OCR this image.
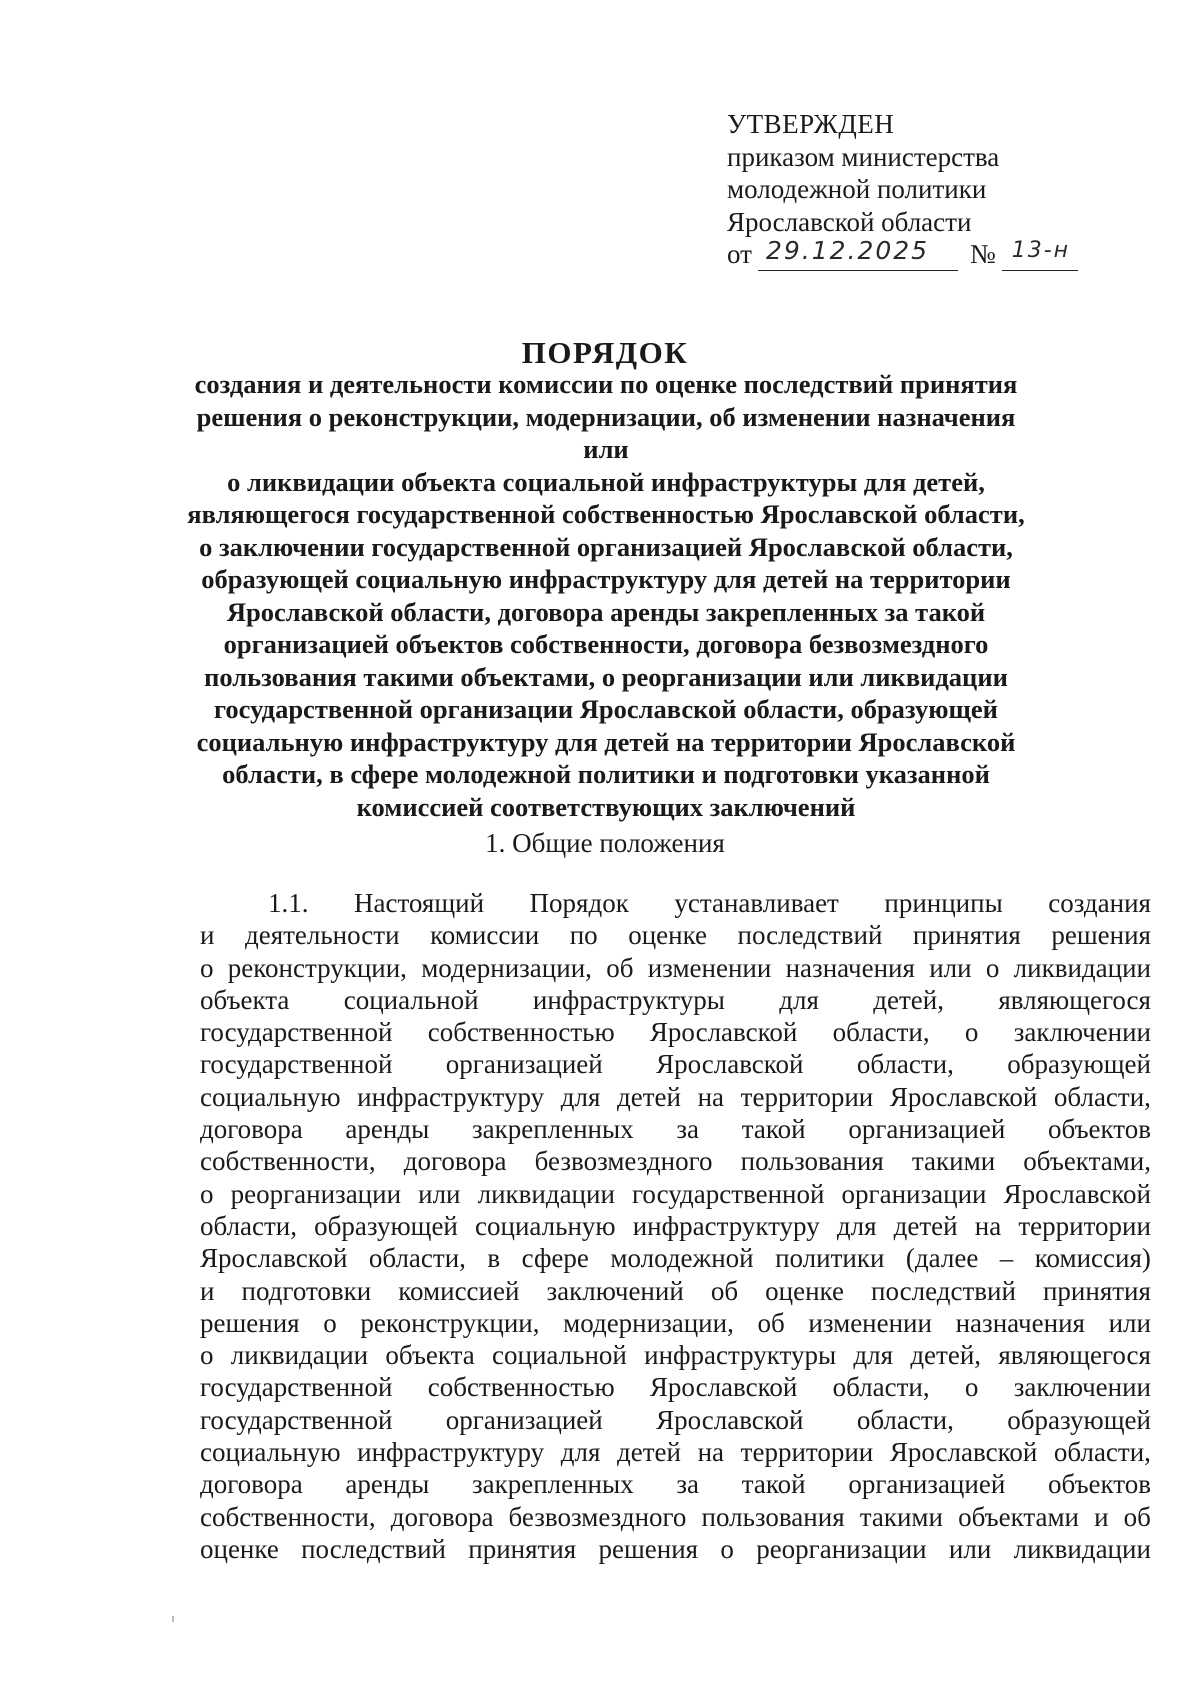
УТВЕРЖДЕН
приказом министерства
молодежной политики
Ярославской области
от 29.12.2025 № 13-н
ПОРЯДОК
создания и деятельности комиссии по оценке последствий принятия
решения о реконструкции, модернизации, об изменении назначения или
о ликвидации объекта социальной инфраструктуры для детей,
являющегося государственной собственностью Ярославской области,
о заключении государственной организацией Ярославской области,
образующей социальную инфраструктуру для детей на территории
Ярославской области, договора аренды закрепленных за такой
организацией объектов собственности, договора безвозмездного
пользования такими объектами, о реорганизации или ликвидации
государственной организации Ярославской области, образующей
социальную инфраструктуру для детей на территории Ярославской
области, в сфере молодежной политики и подготовки указанной
комиссией соответствующих заключений
1. Общие положения
1.1. Настоящий Порядок устанавливает принципы создания
и деятельности комиссии по оценке последствий принятия решения
о реконструкции, модернизации, об изменении назначения или о ликвидации
объекта социальной инфраструктуры для детей, являющегося
государственной собственностью Ярославской области, о заключении
государственной организацией Ярославской области, образующей
социальную инфраструктуру для детей на территории Ярославской области,
договора аренды закрепленных за такой организацией объектов
собственности, договора безвозмездного пользования такими объектами,
о реорганизации или ликвидации государственной организации Ярославской
области, образующей социальную инфраструктуру для детей на территории
Ярославской области, в сфере молодежной политики (далее – комиссия)
и подготовки комиссией заключений об оценке последствий принятия
решения о реконструкции, модернизации, об изменении назначения или
о ликвидации объекта социальной инфраструктуры для детей, являющегося
государственной собственностью Ярославской области, о заключении
государственной организацией Ярославской области, образующей
социальную инфраструктуру для детей на территории Ярославской области,
договора аренды закрепленных за такой организацией объектов
собственности, договора безвозмездного пользования такими объектами и об
оценке последствий принятия решения о реорганизации или ликвидации
